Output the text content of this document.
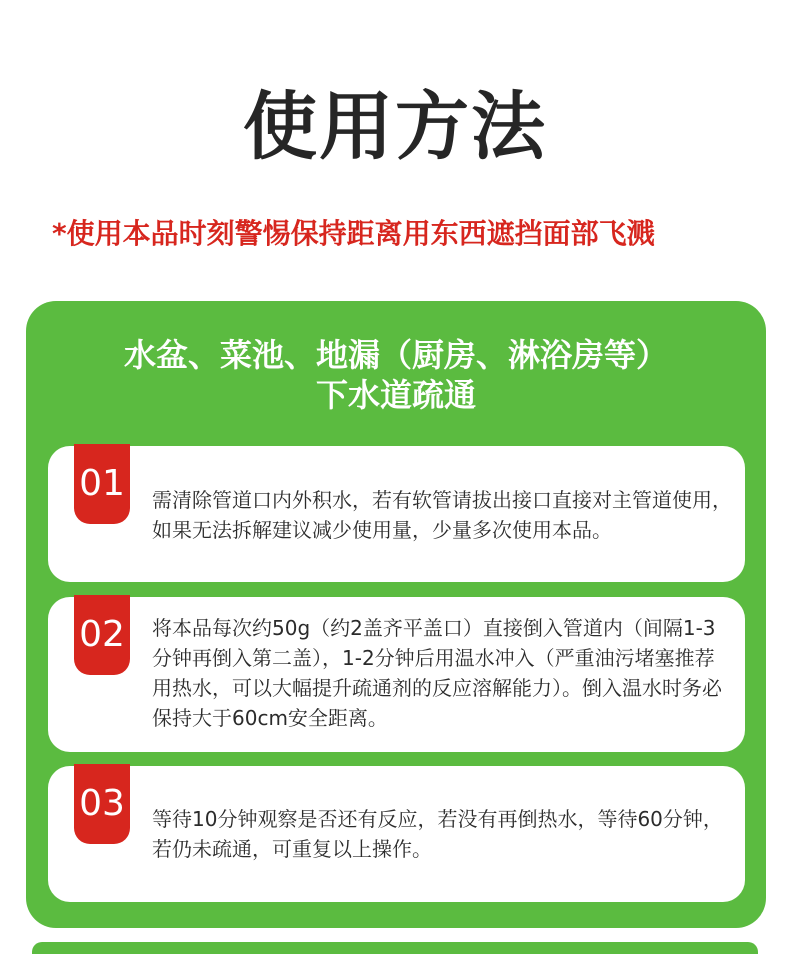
使用方法
*使用本品时刻警惕保持距离用东西遮挡面部飞溅
水盆、菜池、地漏（厨房、淋浴房等）
下水道疏通
01 需清除管道口内外积水，若有软管请拔出接口直接对主管道使用，如果无法拆解建议减少使用量，少量多次使用本品。
02 将本品每次约50g（约2盖齐平盖口）直接倒入管道内（间隔1-3分钟再倒入第二盖），1-2分钟后用温水冲入（严重油污堵塞推荐用热水，可以大幅提升疏通剂的反应溶解能力）。倒入温水时务必保持大于60cm安全距离。
03 等待10分钟观察是否还有反应，若没有再倒热水，等待60分钟，若仍未疏通，可重复以上操作。
